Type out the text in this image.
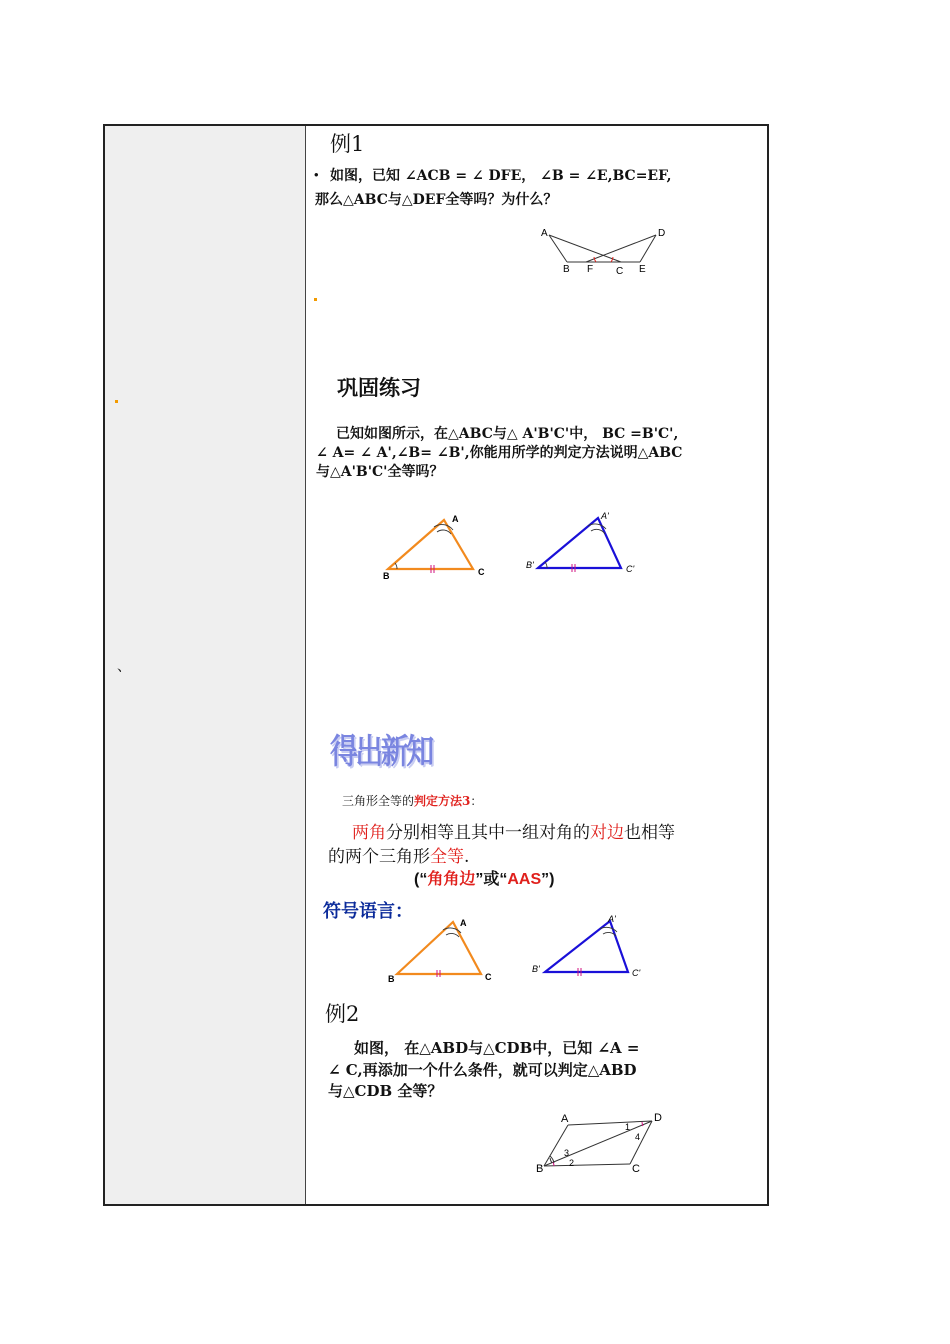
、
例1
• 如图，已知 ∠ACB = ∠ DFE， ∠B = ∠E,BC=EF,
那么△ABC与△DEF全等吗？为什么？
A	D
B F C E
巩固练习
已知如图所示，在△ABC与△ A'B'C'中， BC =B'C',
∠ A= ∠ A',∠B= ∠B',你能用所学的判定方法说明△ABC
与△A'B'C'全等吗？
A
B	C
A'
B'	C'
得出新知
三角形全等的判定方法3：
两角分别相等且其中一组对角的对边也相等
的两个三角形全等.
(“角角边”或“AAS”)
符号语言：
A
B	C
A'
B'	C'
例2
如图， 在△ABD与△CDB中，已知 ∠A =
∠ C,再添加一个什么条件，就可以判定△ABD
与△CDB 全等？
A	D
B	C
1
2
3
4
